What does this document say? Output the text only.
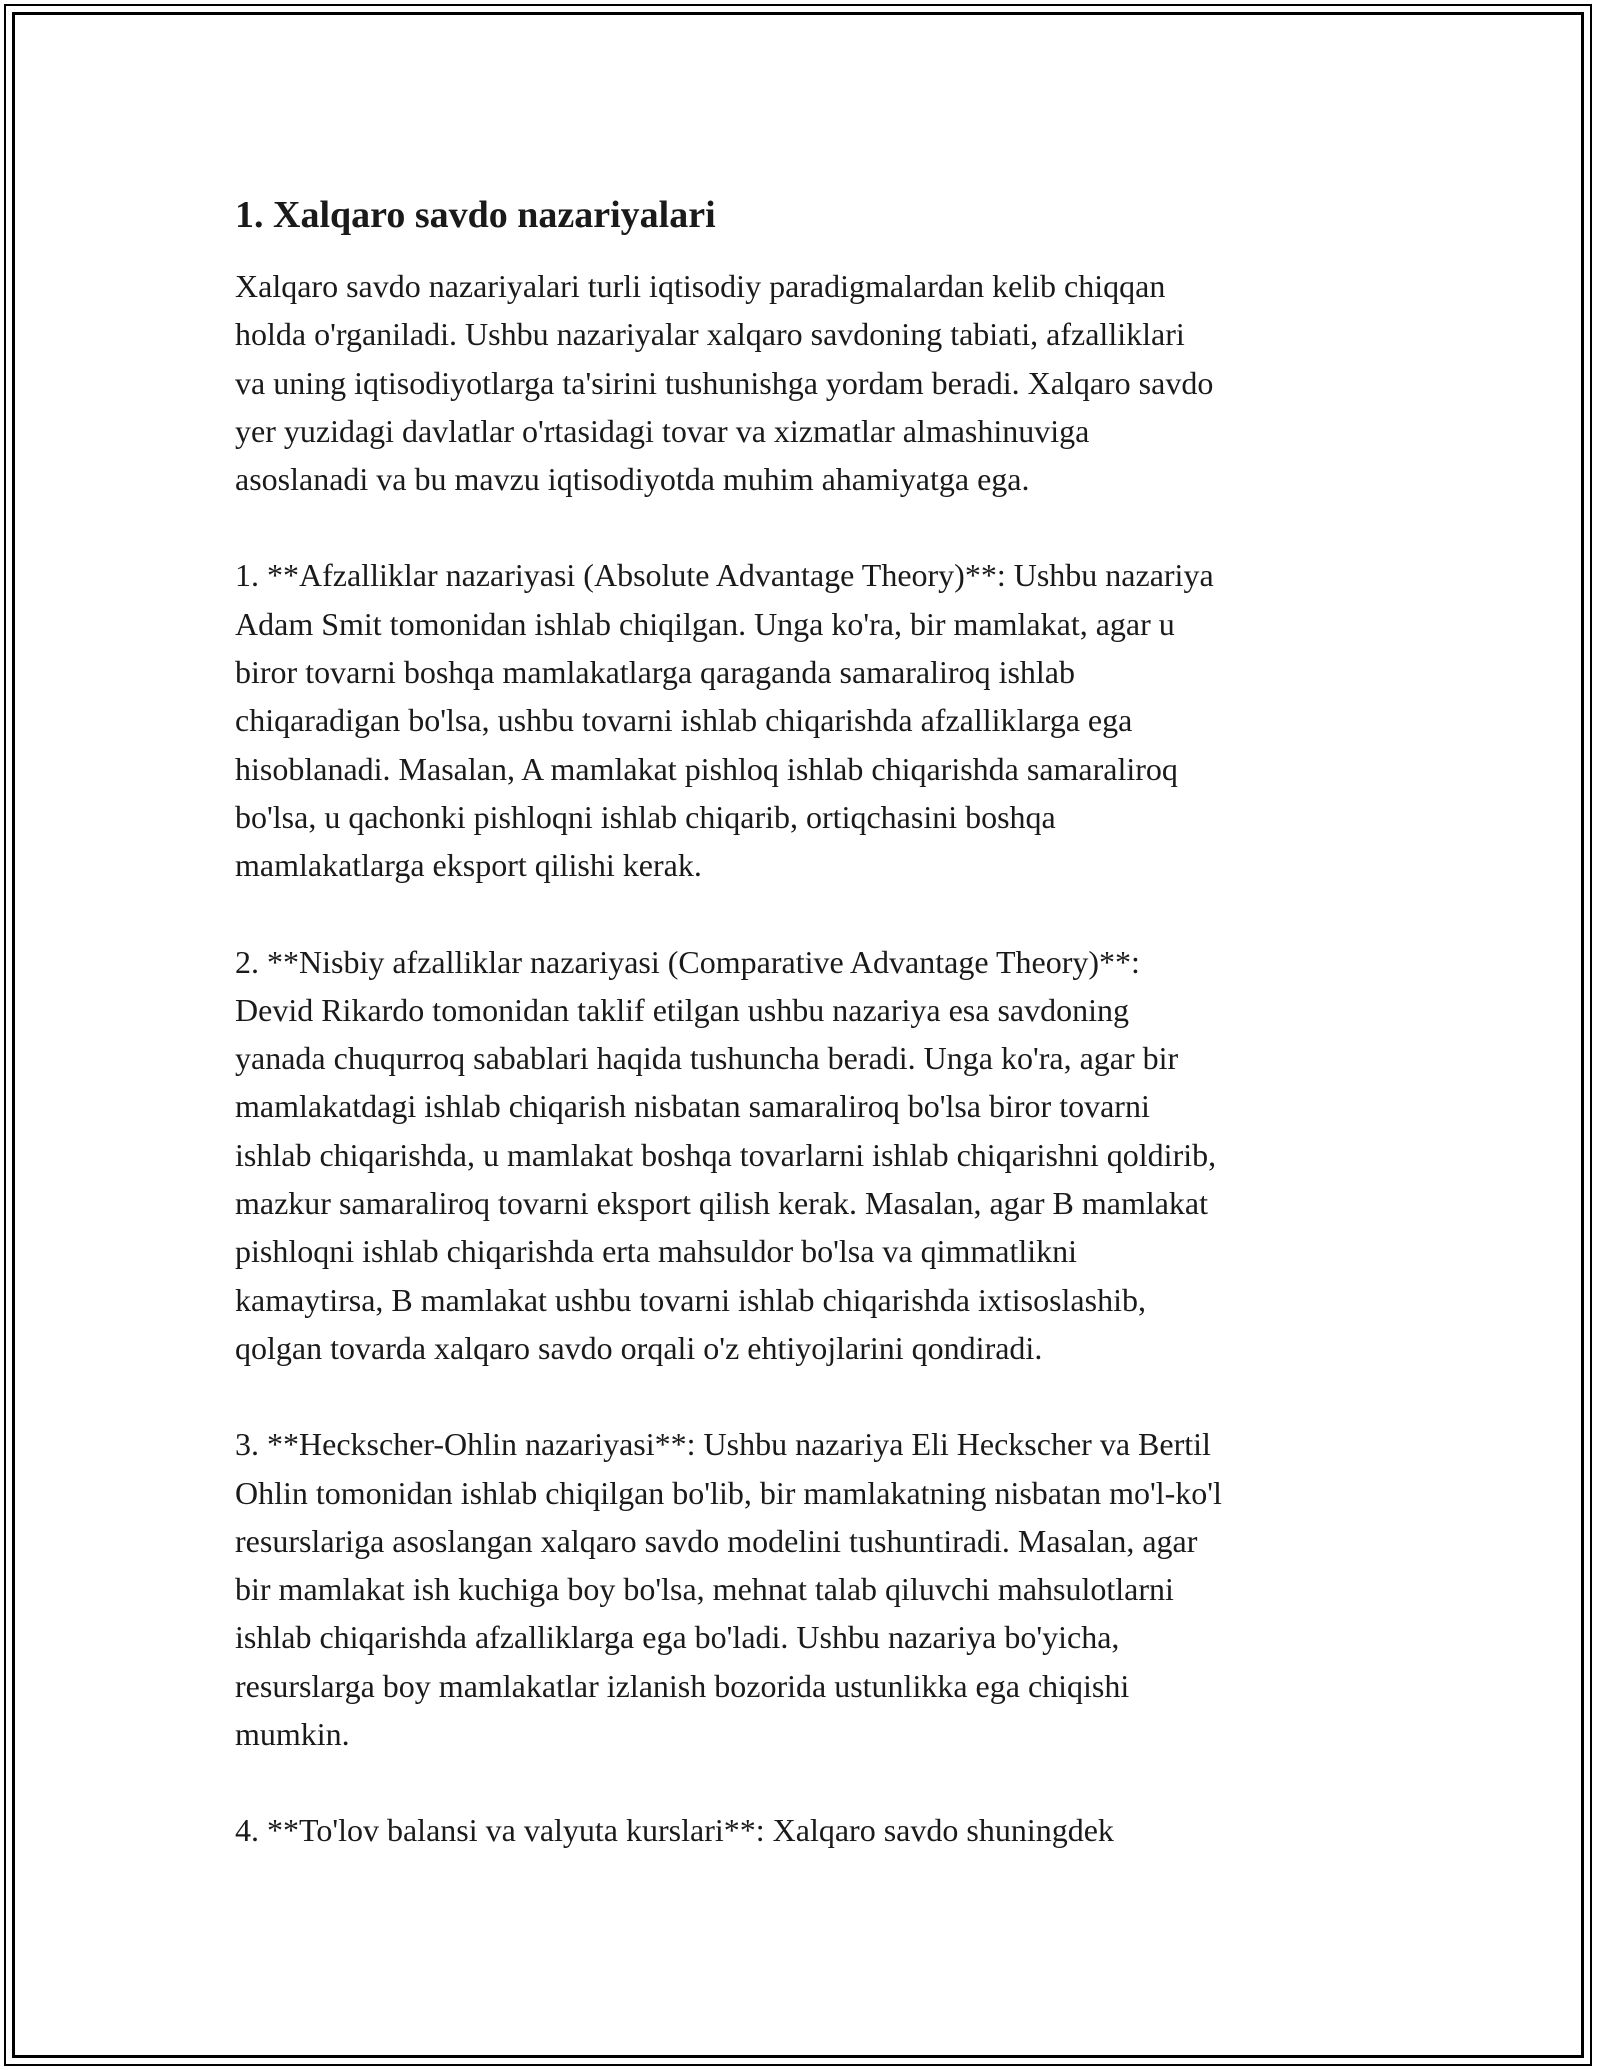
1. Xalqaro savdo nazariyalari

Xalqaro savdo nazariyalari turli iqtisodiy paradigmalardan kelib chiqqan
holda o'rganiladi. Ushbu nazariyalar xalqaro savdoning tabiati, afzalliklari
va uning iqtisodiyotlarga ta'sirini tushunishga yordam beradi. Xalqaro savdo
yer yuzidagi davlatlar o'rtasidagi tovar va xizmatlar almashinuviga
asoslanadi va bu mavzu iqtisodiyotda muhim ahamiyatga ega.

1. **Afzalliklar nazariyasi (Absolute Advantage Theory)**: Ushbu nazariya
Adam Smit tomonidan ishlab chiqilgan. Unga ko'ra, bir mamlakat, agar u
biror tovarni boshqa mamlakatlarga qaraganda samaraliroq ishlab
chiqaradigan bo'lsa, ushbu tovarni ishlab chiqarishda afzalliklarga ega
hisoblanadi. Masalan, A mamlakat pishloq ishlab chiqarishda samaraliroq
bo'lsa, u qachonki pishloqni ishlab chiqarib, ortiqchasini boshqa
mamlakatlarga eksport qilishi kerak.

2. **Nisbiy afzalliklar nazariyasi (Comparative Advantage Theory)**:
Devid Rikardo tomonidan taklif etilgan ushbu nazariya esa savdoning
yanada chuqurroq sabablari haqida tushuncha beradi. Unga ko'ra, agar bir
mamlakatdagi ishlab chiqarish nisbatan samaraliroq bo'lsa biror tovarni
ishlab chiqarishda, u mamlakat boshqa tovarlarni ishlab chiqarishni qoldirib,
mazkur samaraliroq tovarni eksport qilish kerak. Masalan, agar B mamlakat
pishloqni ishlab chiqarishda erta mahsuldor bo'lsa va qimmatlikni
kamaytirsa, B mamlakat ushbu tovarni ishlab chiqarishda ixtisoslashib,
qolgan tovarda xalqaro savdo orqali o'z ehtiyojlarini qondiradi.

3. **Heckscher-Ohlin nazariyasi**: Ushbu nazariya Eli Heckscher va Bertil
Ohlin tomonidan ishlab chiqilgan bo'lib, bir mamlakatning nisbatan mo'l-ko'l
resurslariga asoslangan xalqaro savdo modelini tushuntiradi. Masalan, agar
bir mamlakat ish kuchiga boy bo'lsa, mehnat talab qiluvchi mahsulotlarni
ishlab chiqarishda afzalliklarga ega bo'ladi. Ushbu nazariya bo'yicha,
resurslarga boy mamlakatlar izlanish bozorida ustunlikka ega chiqishi
mumkin.

4. **To'lov balansi va valyuta kurslari**: Xalqaro savdo shuningdek
